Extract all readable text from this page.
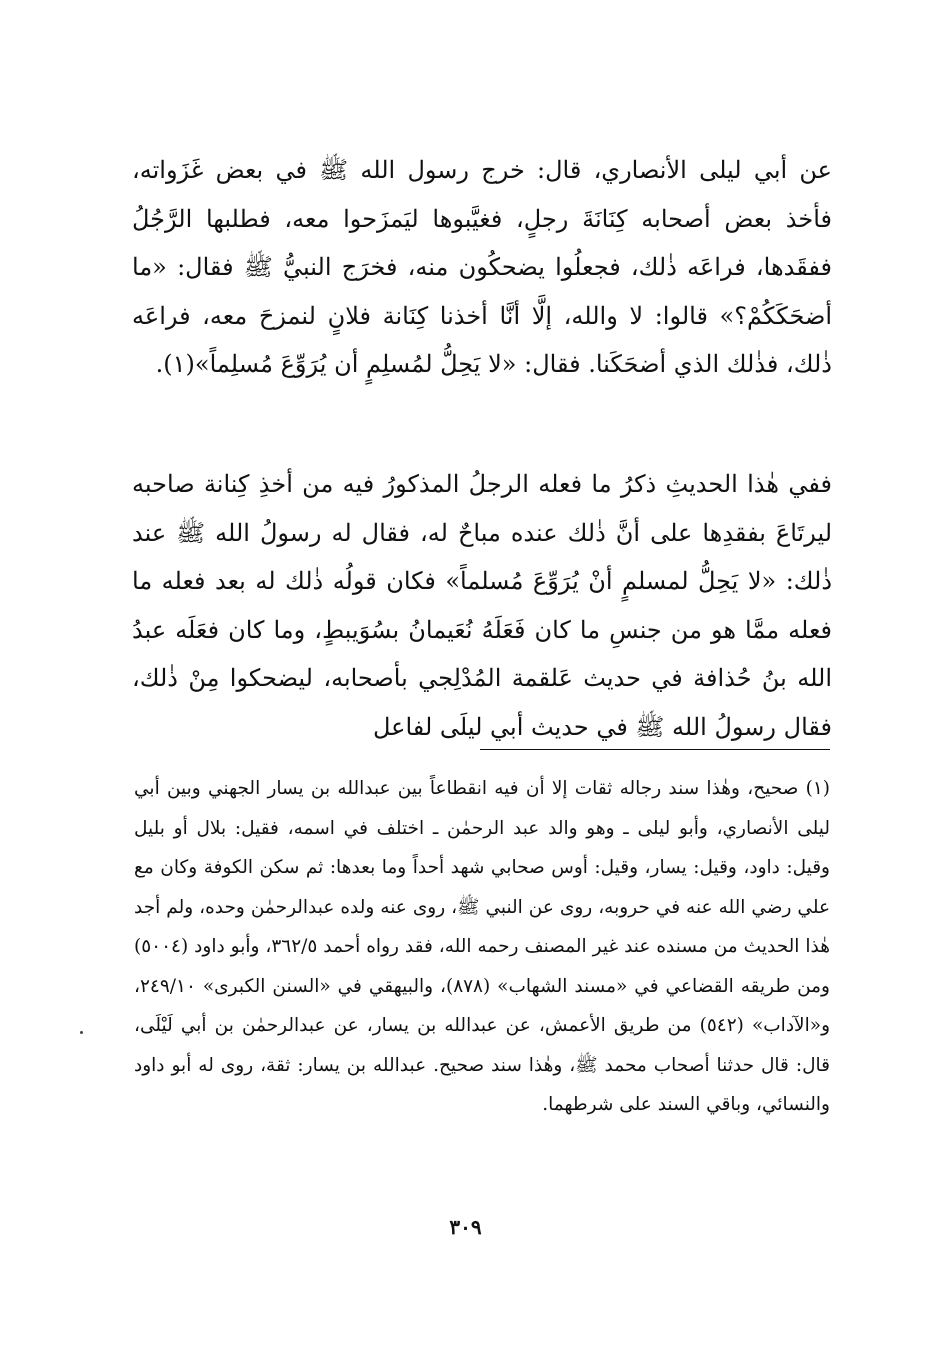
عن أبي ليلى الأنصاري، قال: خرج رسول الله ﷺ في بعض غَزَواته، فأخذ بعض أصحابه كِنَانَةَ رجلٍ، فغيَّبوها ليَمزَحوا معه، فطلبها الرَّجُلُ ففقَدها، فراعَه ذٰلك، فجعلُوا يضحكُون منه، فخرَج النبيُّ ﷺ فقال: «ما أضحَكَكُمْ؟» قالوا: لا والله، إلَّا أنَّا أخذنا كِنَانة فلانٍ لنمزحَ معه، فراعَه ذٰلك، فذٰلك الذي أضحَكَنا. فقال: «لا يَحِلُّ لمُسلِمٍ أن يُرَوِّعَ مُسلِماً»(١).

ففي هٰذا الحديثِ ذكرُ ما فعله الرجلُ المذكورُ فيه من أخذِ كِنانة صاحبه ليرتَاعَ بفقدِها على أنَّ ذٰلك عنده مباحٌ له، فقال له رسولُ الله ﷺ عند ذٰلك: «لا يَحِلُّ لمسلمٍ أنْ يُرَوِّعَ مُسلماً» فكان قولُه ذٰلك له بعد فعله ما فعله ممَّا هو من جنسِ ما كان فَعَلَهُ نُعَيمانُ بسُوَيبطٍ، وما كان فعَلَه عبدُ الله بنُ حُذافة في حديث عَلقمة المُدْلِجي بأصحابه، ليضحكوا مِنْ ذٰلك، فقال رسولُ الله ﷺ في حديث أبي ليلَى لفاعل

(١) صحيح، وهٰذا سند رجاله ثقات إلا أن فيه انقطاعاً بين عبدالله بن يسار الجهني وبين أبي ليلى الأنصاري، وأبو ليلى ـ وهو والد عبد الرحمٰن ـ اختلف في اسمه، فقيل: بلال أو بليل وقيل: داود، وقيل: يسار، وقيل: أوس صحابي شهد أحداً وما بعدها: ثم سكن الكوفة وكان مع علي رضي الله عنه في حروبه، روى عن النبي ﷺ، روى عنه ولده عبدالرحمٰن وحده، ولم أجد هٰذا الحديث من مسنده عند غير المصنف رحمه الله، فقد رواه أحمد ٣٦٢/٥، وأبو داود (٥٠٠٤) ومن طريقه القضاعي في «مسند الشهاب» (٨٧٨)، والبيهقي في «السنن الكبرى» ٢٤٩/١٠، و«الآداب» (٥٤٢) من طريق الأعمش، عن عبدالله بن يسار، عن عبدالرحمٰن بن أبي لَيْلَى، قال: قال حدثنا أصحاب محمد ﷺ، وهٰذا سند صحيح. عبدالله بن يسار: ثقة، روى له أبو داود والنسائي، وباقي السند على شرطهما.

٣٠٩
